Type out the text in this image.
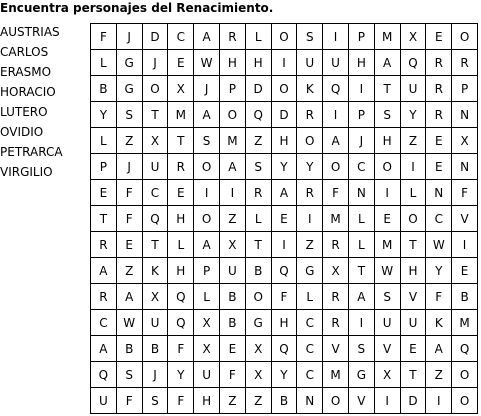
Encuentra personajes del Renacimiento.
AUSTRIAS
CARLOS
ERASMO
HORACIO
LUTERO
OVIDIO
PETRARCA
VIRGILIO
F	J	D	C	A	R	L	O	S	I	P	M	X	E	O
L	G	J	E	W	H	H	I	U	U	H	A	Q	R	R
B	G	O	X	J	P	D	O	K	Q	I	T	U	R	P
Y	S	T	M	A	O	Q	D	R	I	P	S	Y	R	N
L	Z	X	T	S	M	Z	H	O	A	J	H	Z	E	X
P	J	U	R	O	A	S	Y	Y	O	C	O	I	E	N
E	F	C	E	I	I	R	A	R	F	N	I	L	N	F
T	F	Q	H	O	Z	L	E	I	M	L	E	O	C	V
R	E	T	L	A	X	T	I	Z	R	L	M	T	W	I
A	Z	K	H	P	U	B	Q	G	X	T	W	H	Y	E
R	A	X	Q	L	B	O	F	L	R	A	S	V	F	B
C	W	U	Q	X	B	G	H	C	R	I	U	U	K	M
A	B	B	F	X	E	X	Q	C	V	S	V	E	A	Q
Q	S	J	Y	U	F	X	Y	C	M	G	X	T	Z	O
U	F	S	F	H	Z	Z	B	N	O	V	I	D	I	O
